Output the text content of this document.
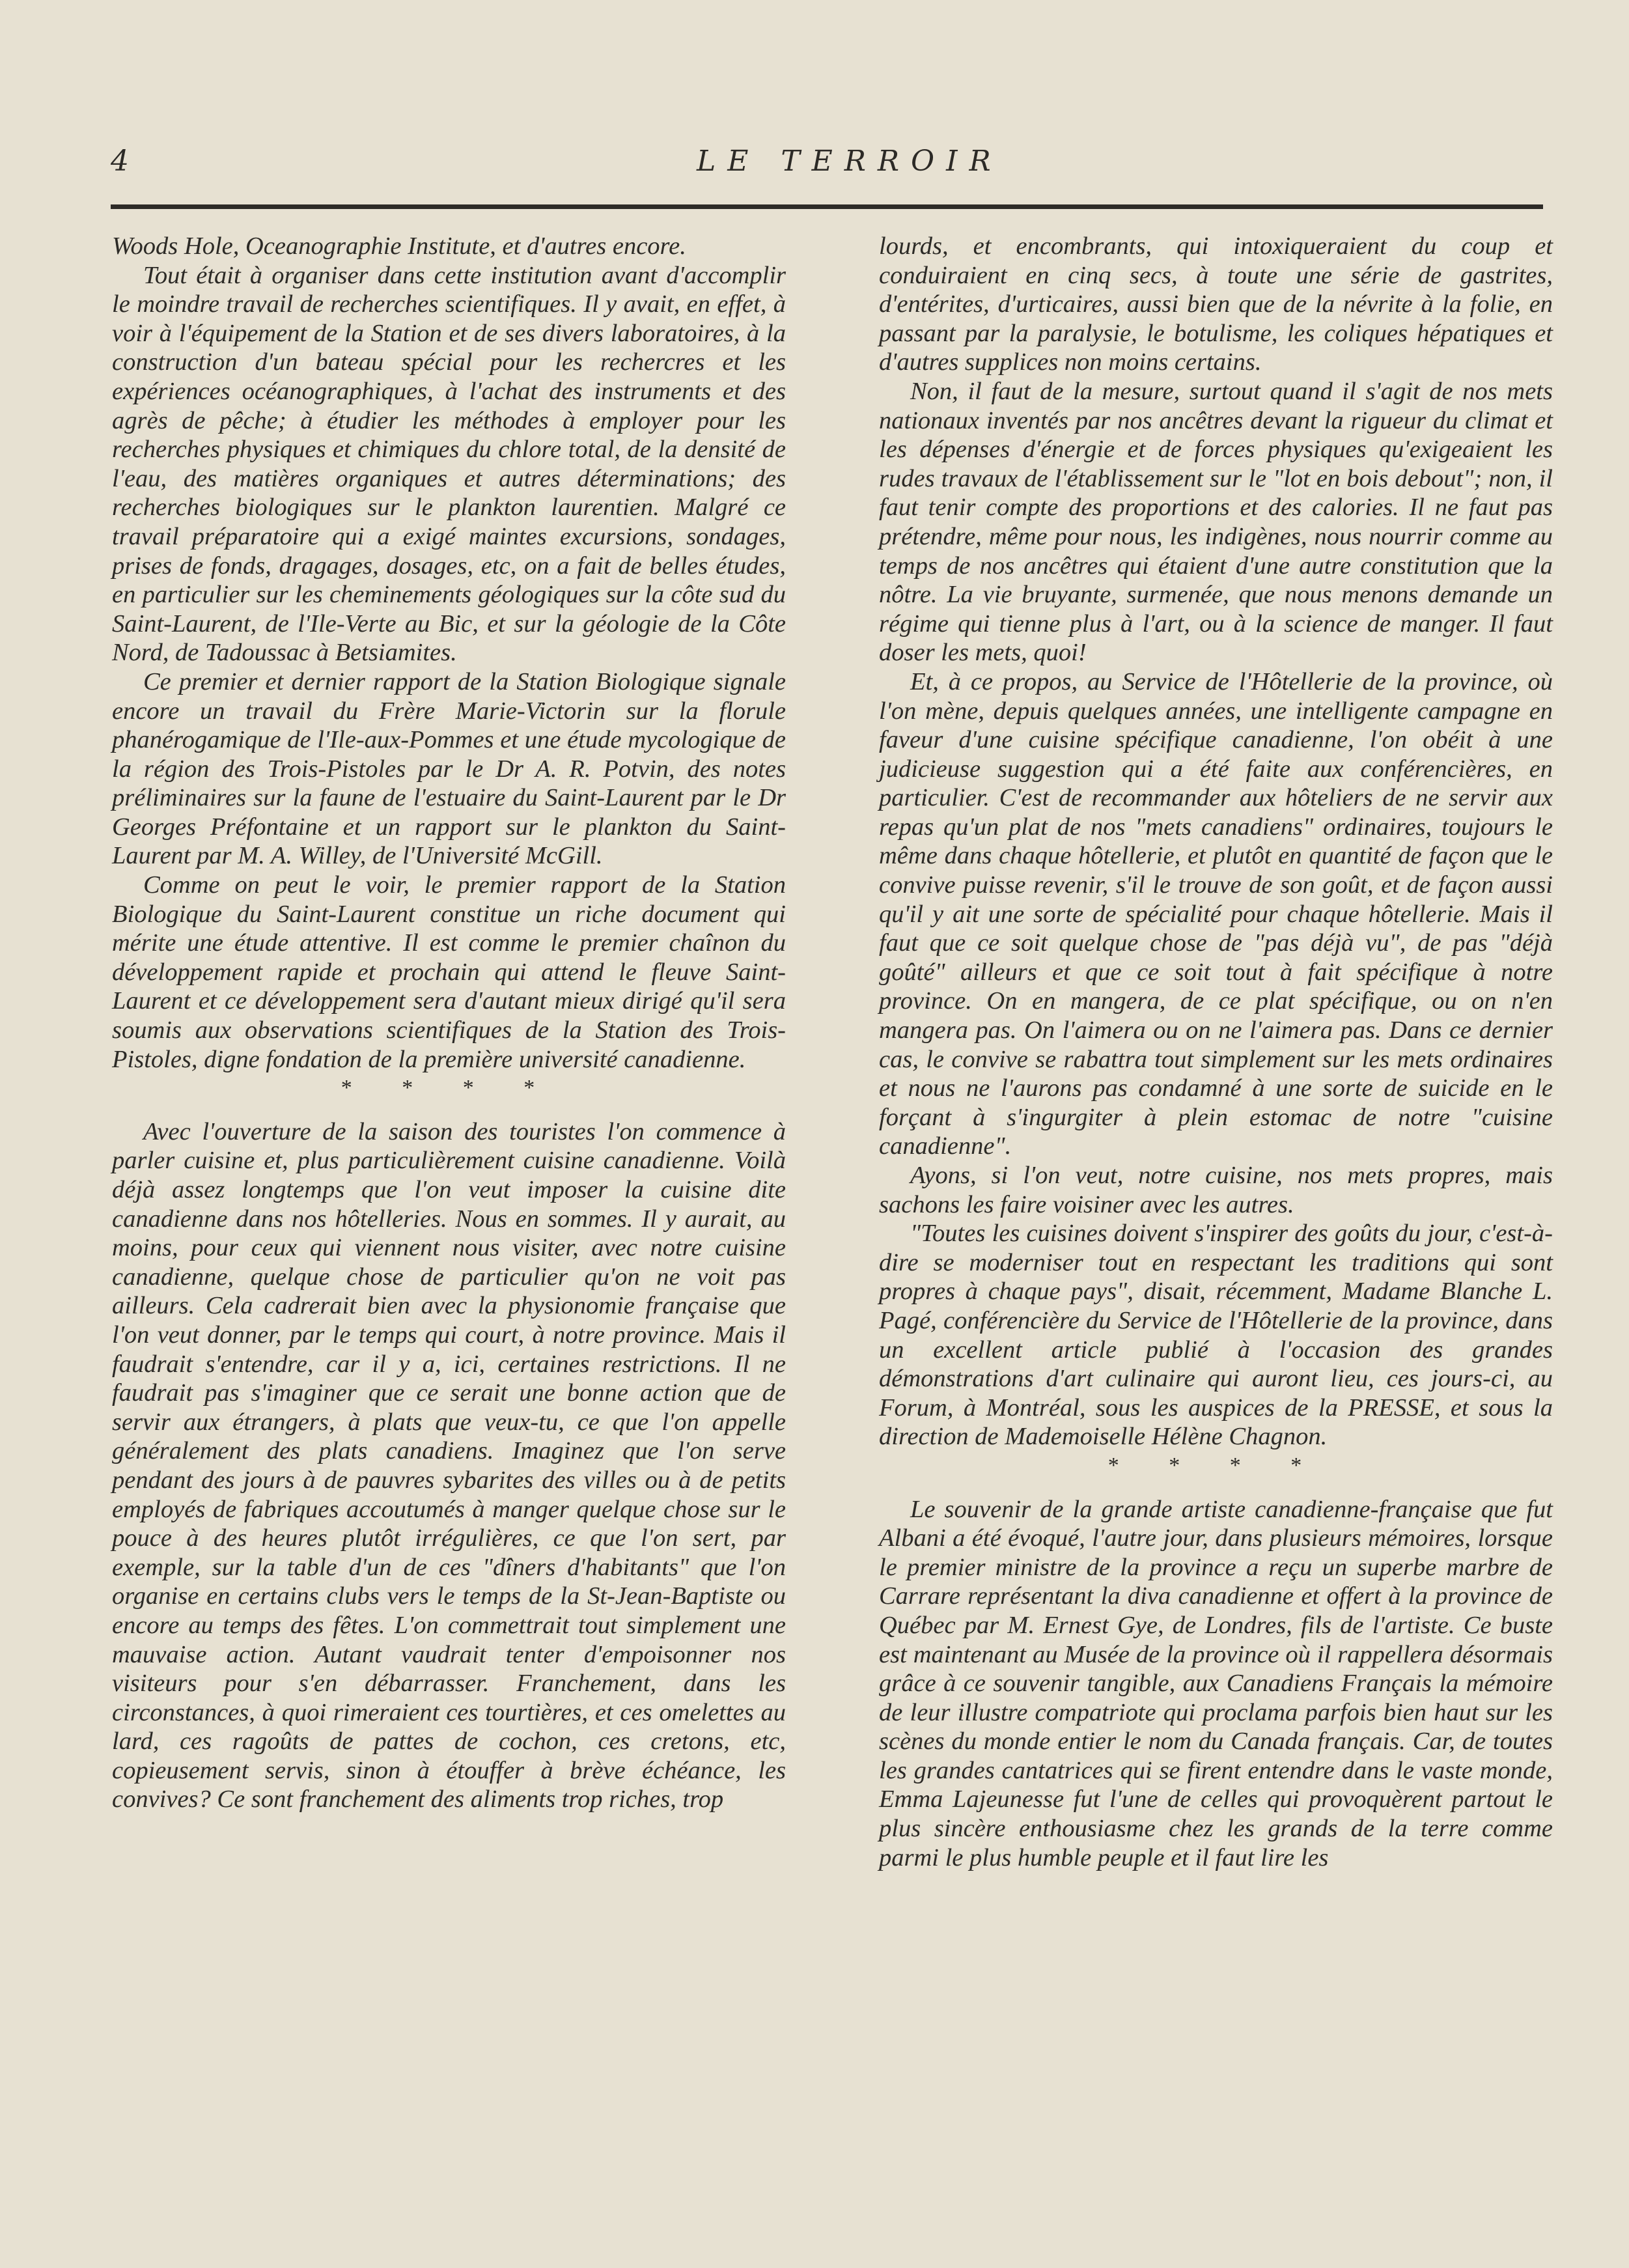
4	LE TERROIR

Woods Hole, Oceanographie Institute, et d'autres encore.

Tout était à organiser dans cette institution avant d'accomplir le moindre travail de recherches scientifiques. Il y avait, en effet, à voir à l'équipement de la Station et de ses divers laboratoires, à la construction d'un bateau spécial pour les rechercres et les expériences océanographiques, à l'achat des instruments et des agrès de pêche; à étudier les méthodes à employer pour les recherches physiques et chimiques du chlore total, de la densité de l'eau, des matières organiques et autres déterminations; des recherches biologiques sur le plankton laurentien. Malgré ce travail préparatoire qui a exigé maintes excursions, sondages, prises de fonds, dragages, dosages, etc, on a fait de belles études, en particulier sur les cheminements géologiques sur la côte sud du Saint-Laurent, de l'Ile-Verte au Bic, et sur la géologie de la Côte Nord, de Tadoussac à Betsiamites.

Ce premier et dernier rapport de la Station Biologique signale encore un travail du Frère Marie-Victorin sur la florule phanérogamique de l'Ile-aux-Pommes et une étude mycologique de la région des Trois-Pistoles par le Dr A. R. Potvin, des notes préliminaires sur la faune de l'estuaire du Saint-Laurent par le Dr Georges Préfontaine et un rapport sur le plankton du Saint-Laurent par M. A. Willey, de l'Université McGill.

Comme on peut le voir, le premier rapport de la Station Biologique du Saint-Laurent constitue un riche document qui mérite une étude attentive. Il est comme le premier chaînon du développement rapide et prochain qui attend le fleuve Saint-Laurent et ce développement sera d'autant mieux dirigé qu'il sera soumis aux observations scientifiques de la Station des Trois-Pistoles, digne fondation de la première université canadienne.

* * * *

Avec l'ouverture de la saison des touristes l'on commence à parler cuisine et, plus particulièrement cuisine canadienne. Voilà déjà assez longtemps que l'on veut imposer la cuisine dite canadienne dans nos hôtelleries. Nous en sommes. Il y aurait, au moins, pour ceux qui viennent nous visiter, avec notre cuisine canadienne, quelque chose de particulier qu'on ne voit pas ailleurs. Cela cadrerait bien avec la physionomie française que l'on veut donner, par le temps qui court, à notre province. Mais il faudrait s'entendre, car il y a, ici, certaines restrictions. Il ne faudrait pas s'imaginer que ce serait une bonne action que de servir aux étrangers, à plats que veux-tu, ce que l'on appelle généralement des plats canadiens. Imaginez que l'on serve pendant des jours à de pauvres sybarites des villes ou à de petits employés de fabriques accoutumés à manger quelque chose sur le pouce à des heures plutôt irrégulières, ce que l'on sert, par exemple, sur la table d'un de ces "dîners d'habitants" que l'on organise en certains clubs vers le temps de la St-Jean-Baptiste ou encore au temps des fêtes. L'on commettrait tout simplement une mauvaise action. Autant vaudrait tenter d'empoisonner nos visiteurs pour s'en débarrasser. Franchement, dans les circonstances, à quoi rimeraient ces tourtières, et ces omelettes au lard, ces ragoûts de pattes de cochon, ces cretons, etc, copieusement servis, sinon à étouffer à brève échéance, les convives? Ce sont franchement des aliments trop riches, trop

lourds, et encombrants, qui intoxiqueraient du coup et conduiraient en cinq secs, à toute une série de gastrites, d'entérites, d'urticaires, aussi bien que de la névrite à la folie, en passant par la paralysie, le botulisme, les coliques hépatiques et d'autres supplices non moins certains.

Non, il faut de la mesure, surtout quand il s'agit de nos mets nationaux inventés par nos ancêtres devant la rigueur du climat et les dépenses d'énergie et de forces physiques qu'exigeaient les rudes travaux de l'établissement sur le "lot en bois debout"; non, il faut tenir compte des proportions et des calories. Il ne faut pas prétendre, même pour nous, les indigènes, nous nourrir comme au temps de nos ancêtres qui étaient d'une autre constitution que la nôtre. La vie bruyante, surmenée, que nous menons demande un régime qui tienne plus à l'art, ou à la science de manger. Il faut doser les mets, quoi!

Et, à ce propos, au Service de l'Hôtellerie de la province, où l'on mène, depuis quelques années, une intelligente campagne en faveur d'une cuisine spécifique canadienne, l'on obéit à une judicieuse suggestion qui a été faite aux conférencières, en particulier. C'est de recommander aux hôteliers de ne servir aux repas qu'un plat de nos "mets canadiens" ordinaires, toujours le même dans chaque hôtellerie, et plutôt en quantité de façon que le convive puisse revenir, s'il le trouve de son goût, et de façon aussi qu'il y ait une sorte de spécialité pour chaque hôtellerie. Mais il faut que ce soit quelque chose de "pas déjà vu", de pas "déjà goûté" ailleurs et que ce soit tout à fait spécifique à notre province. On en mangera, de ce plat spécifique, ou on n'en mangera pas. On l'aimera ou on ne l'aimera pas. Dans ce dernier cas, le convive se rabattra tout simplement sur les mets ordinaires et nous ne l'aurons pas condamné à une sorte de suicide en le forçant à s'ingurgiter à plein estomac de notre "cuisine canadienne".

Ayons, si l'on veut, notre cuisine, nos mets propres, mais sachons les faire voisiner avec les autres.

"Toutes les cuisines doivent s'inspirer des goûts du jour, c'est-à-dire se moderniser tout en respectant les traditions qui sont propres à chaque pays", disait, récemment, Madame Blanche L. Pagé, conférencière du Service de l'Hôtellerie de la province, dans un excellent article publié à l'occasion des grandes démonstrations d'art culinaire qui auront lieu, ces jours-ci, au Forum, à Montréal, sous les auspices de la PRESSE, et sous la direction de Mademoiselle Hélène Chagnon.

* * * *

Le souvenir de la grande artiste canadienne-française que fut Albani a été évoqué, l'autre jour, dans plusieurs mémoires, lorsque le premier ministre de la province a reçu un superbe marbre de Carrare représentant la diva canadienne et offert à la province de Québec par M. Ernest Gye, de Londres, fils de l'artiste. Ce buste est maintenant au Musée de la province où il rappellera désormais grâce à ce souvenir tangible, aux Canadiens Français la mémoire de leur illustre compatriote qui proclama parfois bien haut sur les scènes du monde entier le nom du Canada français. Car, de toutes les grandes cantatrices qui se firent entendre dans le vaste monde, Emma Lajeunesse fut l'une de celles qui provoquèrent partout le plus sincère enthousiasme chez les grands de la terre comme parmi le plus humble peuple et il faut lire les
